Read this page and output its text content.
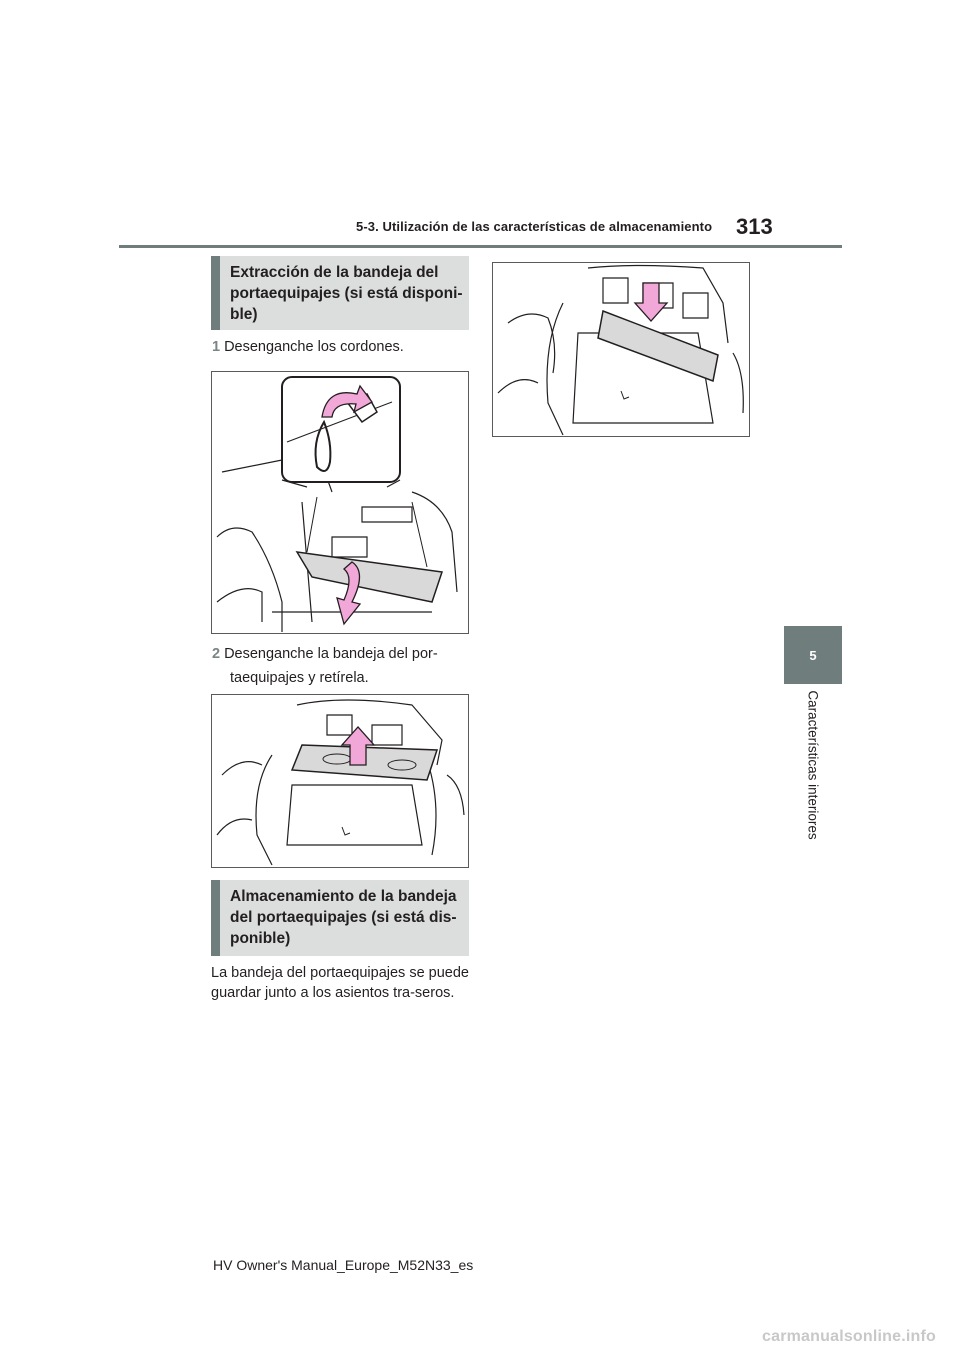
5-3. Utilización de las características de almacenamiento 313
5
Características interiores
Extracción de la bandeja del
portaequipajes (si está disponi-
ble)
1 Desenganche los cordones.
2 Desenganche la bandeja del por-
taequipajes y retírela.
Almacenamiento de la bandeja
del portaequipajes (si está dis-
ponible)
La bandeja del portaequipajes se puede guardar junto a los asientos tra-seros.
HV Owner's Manual_Europe_M52N33_es
carmanualsonline.info
